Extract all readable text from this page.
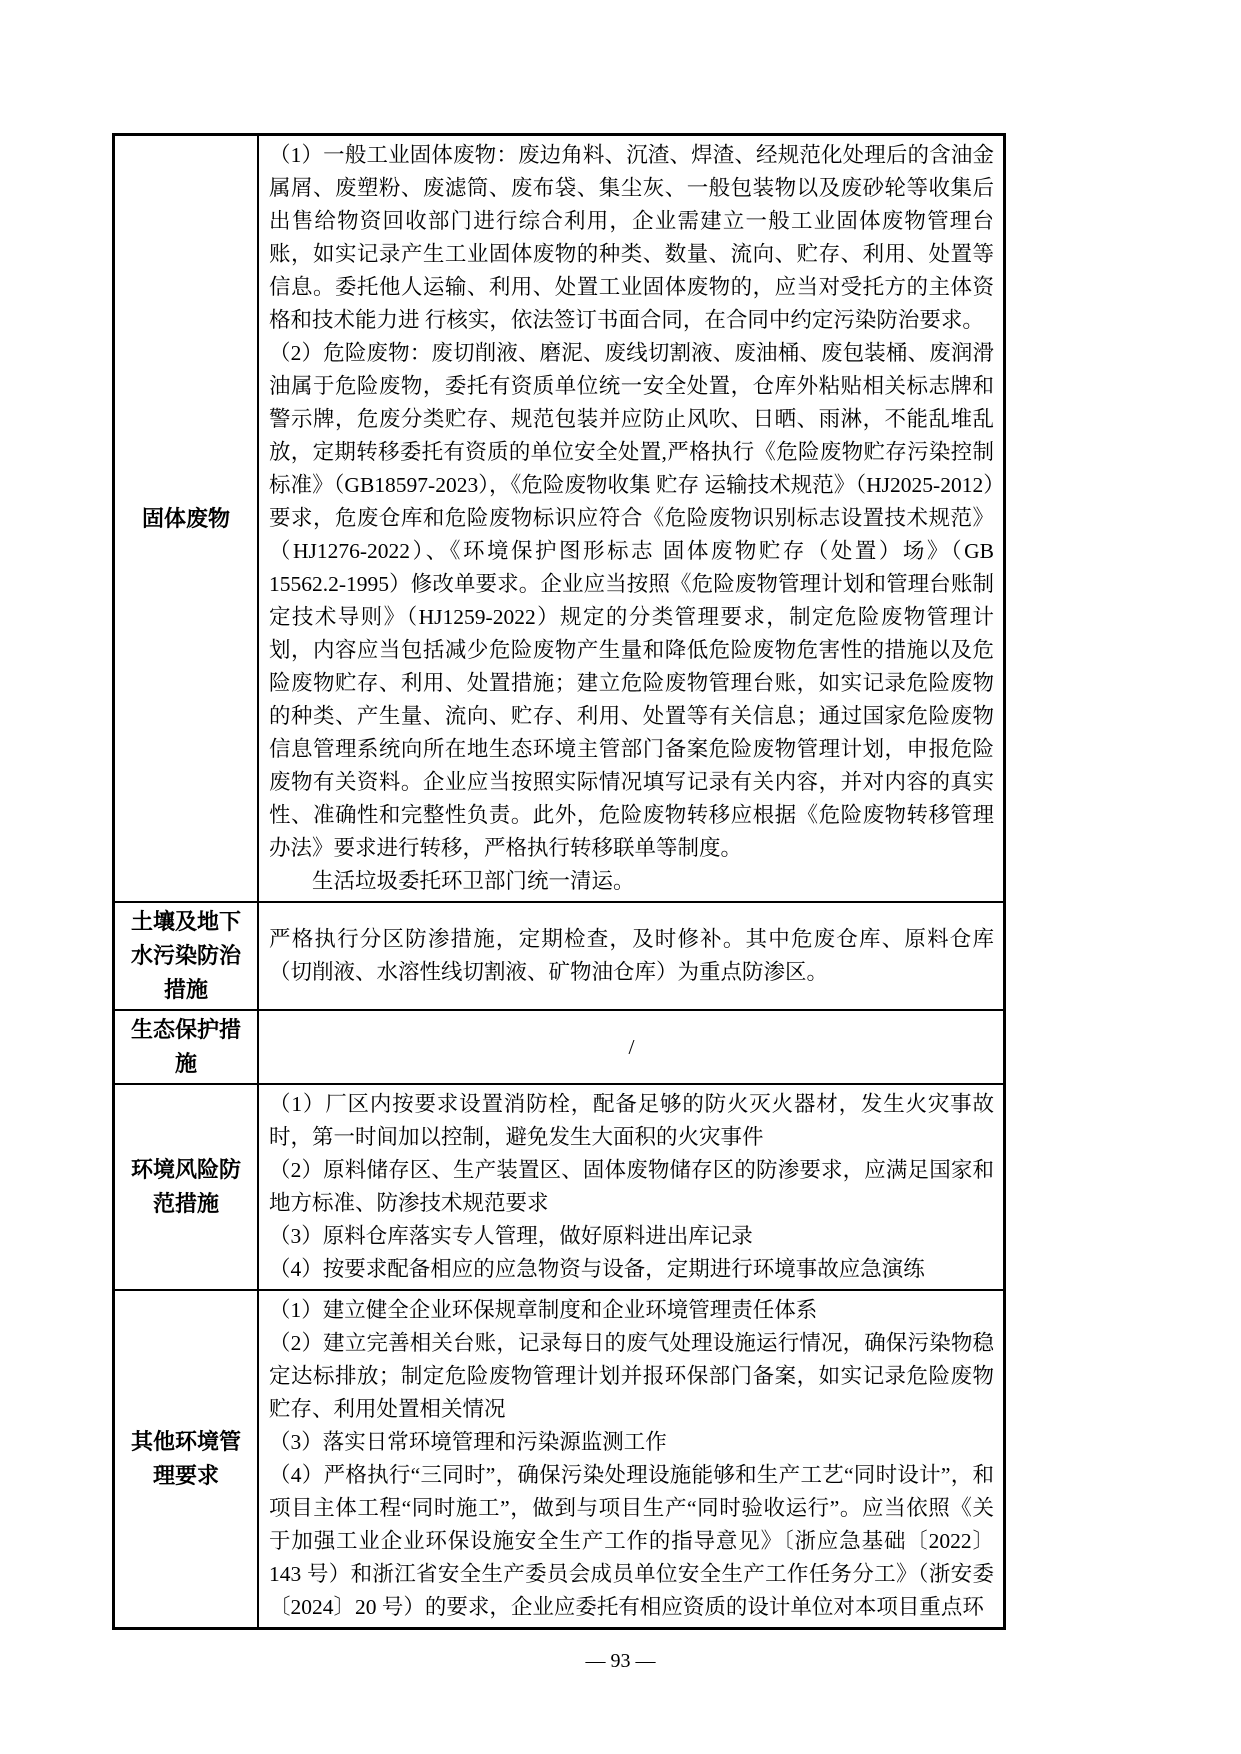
固体废物	（1）一般工业固体废物：废边角料、沉渣、焊渣、经规范化处理后的含油金属屑、废塑粉、废滤筒、废布袋、集尘灰、一般包装物以及废砂轮等收集后出售给物资回收部门进行综合利用，企业需建立一般工业固体废物管理台账，如实记录产生工业固体废物的种类、数量、流向、贮存、利用、处置等信息。委托他人运输、利用、处置工业固体废物的，应当对受托方的主体资格和技术能力进 行核实，依法签订书面合同，在合同中约定污染防治要求。

（2）危险废物：废切削液、磨泥、废线切割液、废油桶、废包装桶、废润滑油属于危险废物，委托有资质单位统一安全处置，仓库外粘贴相关标志牌和警示牌，危废分类贮存、规范包装并应防止风吹、日晒、雨淋，不能乱堆乱放，定期转移委托有资质的单位安全处置,严格执行《危险废物贮存污染控制标准》（GB18597-2023），《危险废物收集 贮存 运输技术规范》（HJ2025-2012）要求，危废仓库和危险废物标识应符合《危险废物识别标志设置技术规范》（HJ1276-2022）、《环境保护图形标志 固体废物贮存（处置）场》（GB 15562.2-1995）修改单要求。企业应当按照《危险废物管理计划和管理台账制定技术导则》（HJ1259-2022）规定的分类管理要求，制定危险废物管理计划，内容应当包括减少危险废物产生量和降低危险废物危害性的措施以及危险废物贮存、利用、处置措施；建立危险废物管理台账，如实记录危险废物的种类、产生量、流向、贮存、利用、处置等有关信息；通过国家危险废物信息管理系统向所在地生态环境主管部门备案危险废物管理计划，申报危险废物有关资料。企业应当按照实际情况填写记录有关内容，并对内容的真实性、准确性和完整性负责。此外，危险废物转移应根据《危险废物转移管理办法》要求进行转移，严格执行转移联单等制度。

生活垃圾委托环卫部门统一清运。

土壤及地下水污染防治措施	严格执行分区防渗措施，定期检查，及时修补。其中危废仓库、原料仓库（切削液、水溶性线切割液、矿物油仓库）为重点防渗区。

生态保护措施	/

环境风险防范措施	（1）厂区内按要求设置消防栓，配备足够的防火灭火器材，发生火灾事故时，第一时间加以控制，避免发生大面积的火灾事件

（2）原料储存区、生产装置区、固体废物储存区的防渗要求，应满足国家和地方标准、防渗技术规范要求

（3）原料仓库落实专人管理，做好原料进出库记录

（4）按要求配备相应的应急物资与设备，定期进行环境事故应急演练

其他环境管理要求	（1）建立健全企业环保规章制度和企业环境管理责任体系

（2）建立完善相关台账，记录每日的废气处理设施运行情况，确保污染物稳定达标排放；制定危险废物管理计划并报环保部门备案，如实记录危险废物贮存、利用处置相关情况

（3）落实日常环境管理和污染源监测工作

（4）严格执行“三同时”，确保污染处理设施能够和生产工艺“同时设计”，和项目主体工程“同时施工”，做到与项目生产“同时验收运行”。应当依照《关于加强工业企业环保设施安全生产工作的指导意见》〔浙应急基础〔2022〕143 号）和浙江省安全生产委员会成员单位安全生产工作任务分工》（浙安委〔2024〕20 号）的要求，企业应委托有相应资质的设计单位对本项目重点环

— 93 —
